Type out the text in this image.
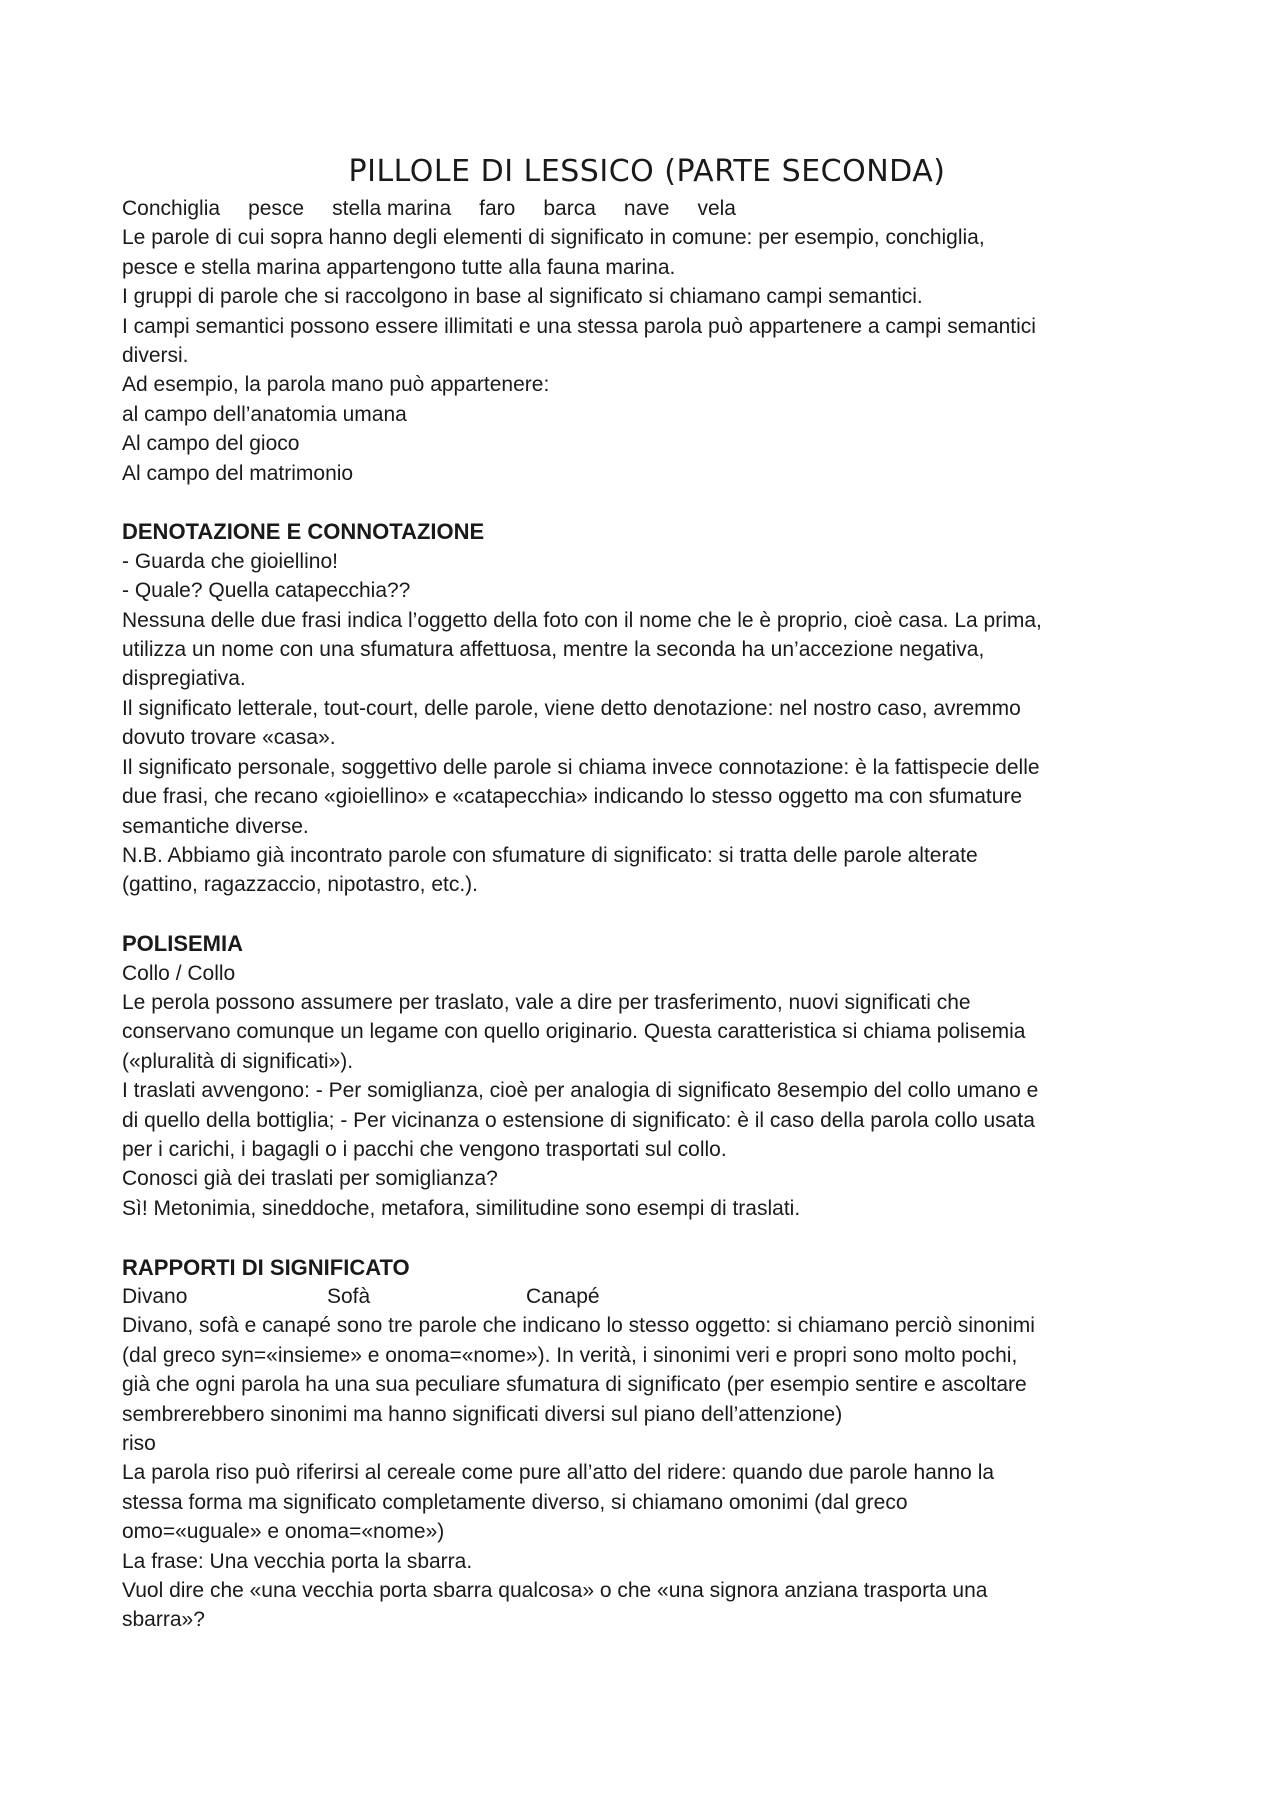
PILLOLE DI LESSICO (PARTE SECONDA)
Conchiglia pesce stella marina faro barca nave vela

Le parole di cui sopra hanno degli elementi di significato in comune: per esempio, conchiglia,

pesce e stella marina appartengono tutte alla fauna marina.

I gruppi di parole che si raccolgono in base al significato si chiamano campi semantici.

I campi semantici possono essere illimitati e una stessa parola può appartenere a campi semantici

diversi.

Ad esempio, la parola mano può appartenere:

al campo dell’anatomia umana

Al campo del gioco

Al campo del matrimonio

DENOTAZIONE E CONNOTAZIONE

- Guarda che gioiellino!

- Quale? Quella catapecchia??

Nessuna delle due frasi indica l’oggetto della foto con il nome che le è proprio, cioè casa. La prima,

utilizza un nome con una sfumatura affettuosa, mentre la seconda ha un’accezione negativa,

dispregiativa.

Il significato letterale, tout-court, delle parole, viene detto denotazione: nel nostro caso, avremmo

dovuto trovare «casa».

Il significato personale, soggettivo delle parole si chiama invece connotazione: è la fattispecie delle

due frasi, che recano «gioiellino» e «catapecchia» indicando lo stesso oggetto ma con sfumature

semantiche diverse.

N.B. Abbiamo già incontrato parole con sfumature di significato: si tratta delle parole alterate

(gattino, ragazzaccio, nipotastro, etc.).

POLISEMIA

Collo / Collo

Le perola possono assumere per traslato, vale a dire per trasferimento, nuovi significati che

conservano comunque un legame con quello originario. Questa caratteristica si chiama polisemia

(«pluralità di significati»).

I traslati avvengono: - Per somiglianza, cioè per analogia di significato 8esempio del collo umano e

di quello della bottiglia; - Per vicinanza o estensione di significato: è il caso della parola collo usata

per i carichi, i bagagli o i pacchi che vengono trasportati sul collo.

Conosci già dei traslati per somiglianza?

Sì! Metonimia, sineddoche, metafora, similitudine sono esempi di traslati.

RAPPORTI DI SIGNIFICATO
Divano	Sofà	Canapé

Divano, sofà e canapé sono tre parole che indicano lo stesso oggetto: si chiamano perciò sinonimi

(dal greco syn=«insieme» e onoma=«nome»). In verità, i sinonimi veri e propri sono molto pochi,

già che ogni parola ha una sua peculiare sfumatura di significato (per esempio sentire e ascoltare

sembrerebbero sinonimi ma hanno significati diversi sul piano dell’attenzione)

riso

La parola riso può riferirsi al cereale come pure all’atto del ridere: quando due parole hanno la

stessa forma ma significato completamente diverso, si chiamano omonimi (dal greco

omo=«uguale» e onoma=«nome»)

La frase: Una vecchia porta la sbarra.

Vuol dire che «una vecchia porta sbarra qualcosa» o che «una signora anziana trasporta una

sbarra»?
